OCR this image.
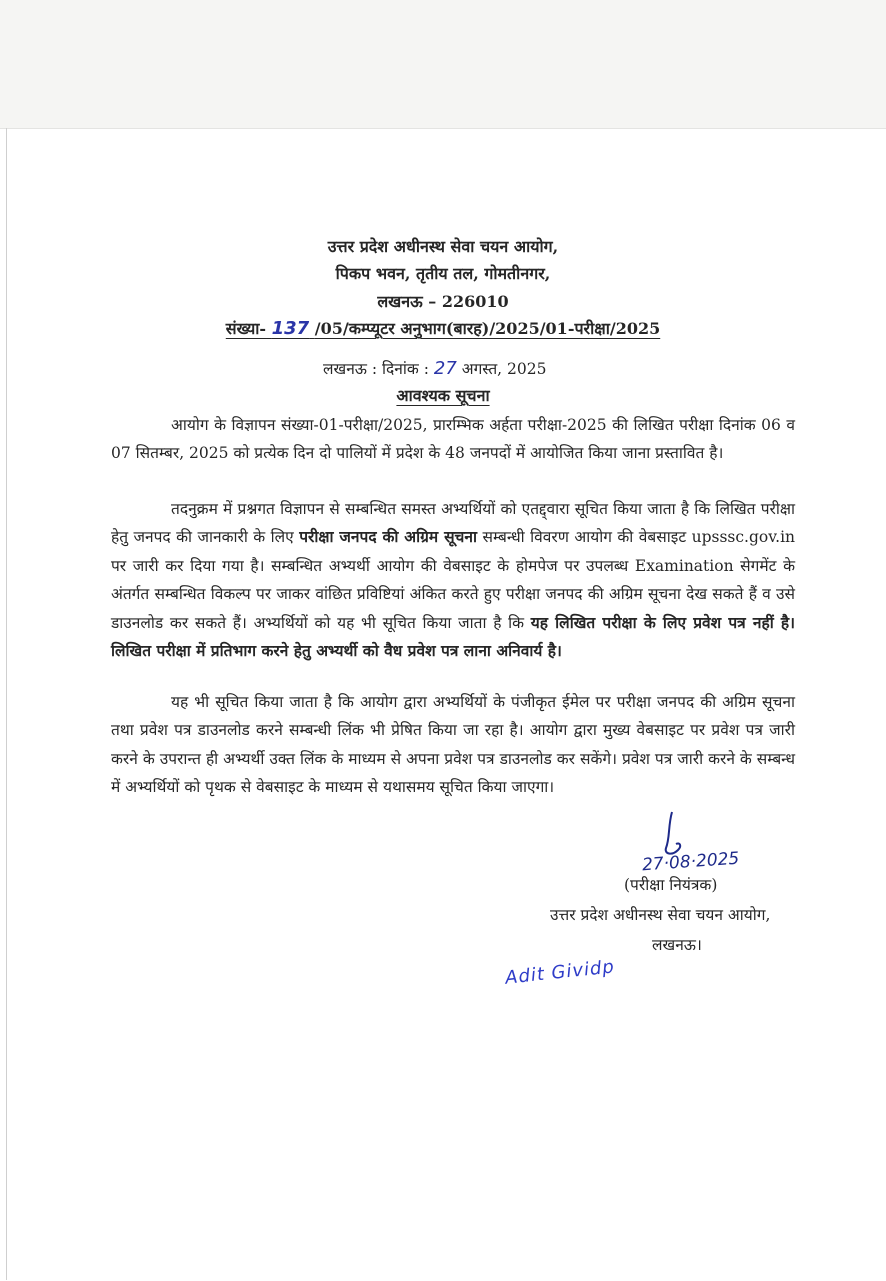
उत्तर प्रदेश अधीनस्थ सेवा चयन आयोग,
पिकप भवन, तृतीय तल, गोमतीनगर,
लखनऊ – 226010
संख्या- 137 /05/कम्प्यूटर अनुभाग(बारह)/2025/01-परीक्षा/2025
लखनऊ : दिनांक : 27 अगस्त, 2025
आवश्यक सूचना

आयोग के विज्ञापन संख्या-01-परीक्षा/2025, प्रारम्भिक अर्हता परीक्षा-2025 की लिखित परीक्षा दिनांक 06 व 07 सितम्बर, 2025 को प्रत्येक दिन दो पालियों में प्रदेश के 48 जनपदों में आयोजित किया जाना प्रस्तावित है।

तदनुक्रम में प्रश्नगत विज्ञापन से सम्बन्धित समस्त अभ्यर्थियों को एतद्द्वारा सूचित किया जाता है कि लिखित परीक्षा हेतु जनपद की जानकारी के लिए परीक्षा जनपद की अग्रिम सूचना सम्बन्धी विवरण आयोग की वेबसाइट upsssc.gov.in पर जारी कर दिया गया है। सम्बन्धित अभ्यर्थी आयोग की वेबसाइट के होमपेज पर उपलब्ध Examination सेगमेंट के अंतर्गत सम्बन्धित विकल्प पर जाकर वांछित प्रविष्टियां अंकित करते हुए परीक्षा जनपद की अग्रिम सूचना देख सकते हैं व उसे डाउनलोड कर सकते हैं। अभ्यर्थियों को यह भी सूचित किया जाता है कि यह लिखित परीक्षा के लिए प्रवेश पत्र नहीं है। लिखित परीक्षा में प्रतिभाग करने हेतु अभ्यर्थी को वैध प्रवेश पत्र लाना अनिवार्य है।

यह भी सूचित किया जाता है कि आयोग द्वारा अभ्यर्थियों के पंजीकृत ईमेल पर परीक्षा जनपद की अग्रिम सूचना तथा प्रवेश पत्र डाउनलोड करने सम्बन्धी लिंक भी प्रेषित किया जा रहा है। आयोग द्वारा मुख्य वेबसाइट पर प्रवेश पत्र जारी करने के उपरान्त ही अभ्यर्थी उक्त लिंक के माध्यम से अपना प्रवेश पत्र डाउनलोड कर सकेंगे। प्रवेश पत्र जारी करने के सम्बन्ध में अभ्यर्थियों को पृथक से वेबसाइट के माध्यम से यथासमय सूचित किया जाएगा।

27·08·2025
(परीक्षा नियंत्रक)
उत्तर प्रदेश अधीनस्थ सेवा चयन आयोग,
लखनऊ।
Adit Gividp
